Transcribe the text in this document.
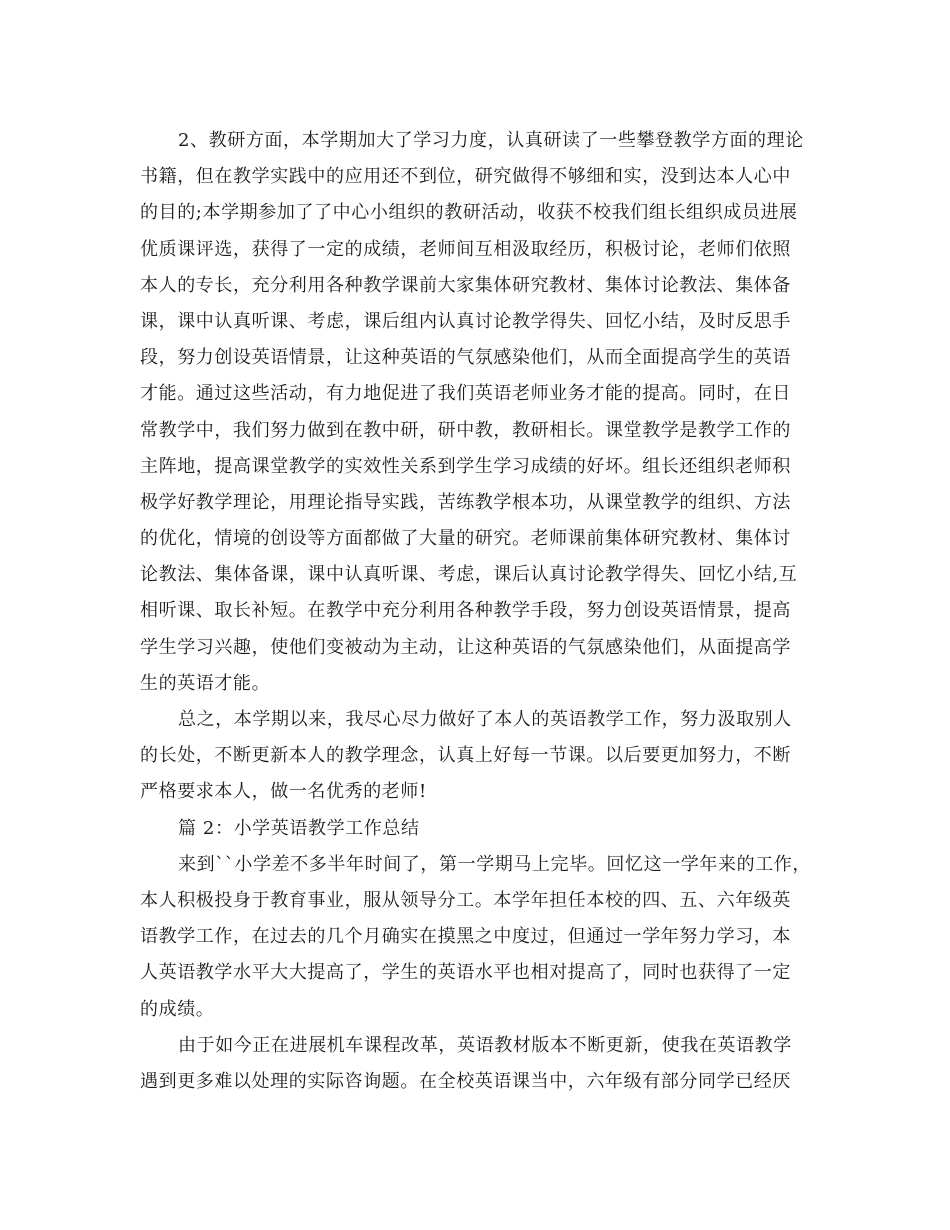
2、教研方面，本学期加大了学习力度，认真研读了一些攀登教学方面的理论
书籍，但在教学实践中的应用还不到位，研究做得不够细和实，没到达本人心中
的目的;本学期参加了了中心小组织的教研活动，收获不校我们组长组织成员进展
优质课评选，获得了一定的成绩，老师间互相汲取经历，积极讨论，老师们依照
本人的专长，充分利用各种教学课前大家集体研究教材、集体讨论教法、集体备
课，课中认真听课、考虑，课后组内认真讨论教学得失、回忆小结，及时反思手
段，努力创设英语情景，让这种英语的气氛感染他们，从而全面提高学生的英语
才能。通过这些活动，有力地促进了我们英语老师业务才能的提高。同时，在日
常教学中，我们努力做到在教中研，研中教，教研相长。课堂教学是教学工作的
主阵地，提高课堂教学的实效性关系到学生学习成绩的好坏。组长还组织老师积
极学好教学理论，用理论指导实践，苦练教学根本功，从课堂教学的组织、方法
的优化，情境的创设等方面都做了大量的研究。老师课前集体研究教材、集体讨
论教法、集体备课，课中认真听课、考虑，课后认真讨论教学得失、回忆小结,互
相听课、取长补短。在教学中充分利用各种教学手段，努力创设英语情景，提高
学生学习兴趣，使他们变被动为主动，让这种英语的气氛感染他们，从面提高学
生的英语才能。
总之，本学期以来，我尽心尽力做好了本人的英语教学工作，努力汲取别人
的长处，不断更新本人的教学理念，认真上好每一节课。以后要更加努力，不断
严格要求本人，做一名优秀的老师!
篇 2：小学英语教学工作总结
来到``小学差不多半年时间了，第一学期马上完毕。回忆这一学年来的工作，
本人积极投身于教育事业，服从领导分工。本学年担任本校的四、五、六年级英
语教学工作，在过去的几个月确实在摸黑之中度过，但通过一学年努力学习，本
人英语教学水平大大提高了，学生的英语水平也相对提高了，同时也获得了一定
的成绩。
由于如今正在进展机车课程改革，英语教材版本不断更新，使我在英语教学
遇到更多难以处理的实际咨询题。在全校英语课当中，六年级有部分同学已经厌
